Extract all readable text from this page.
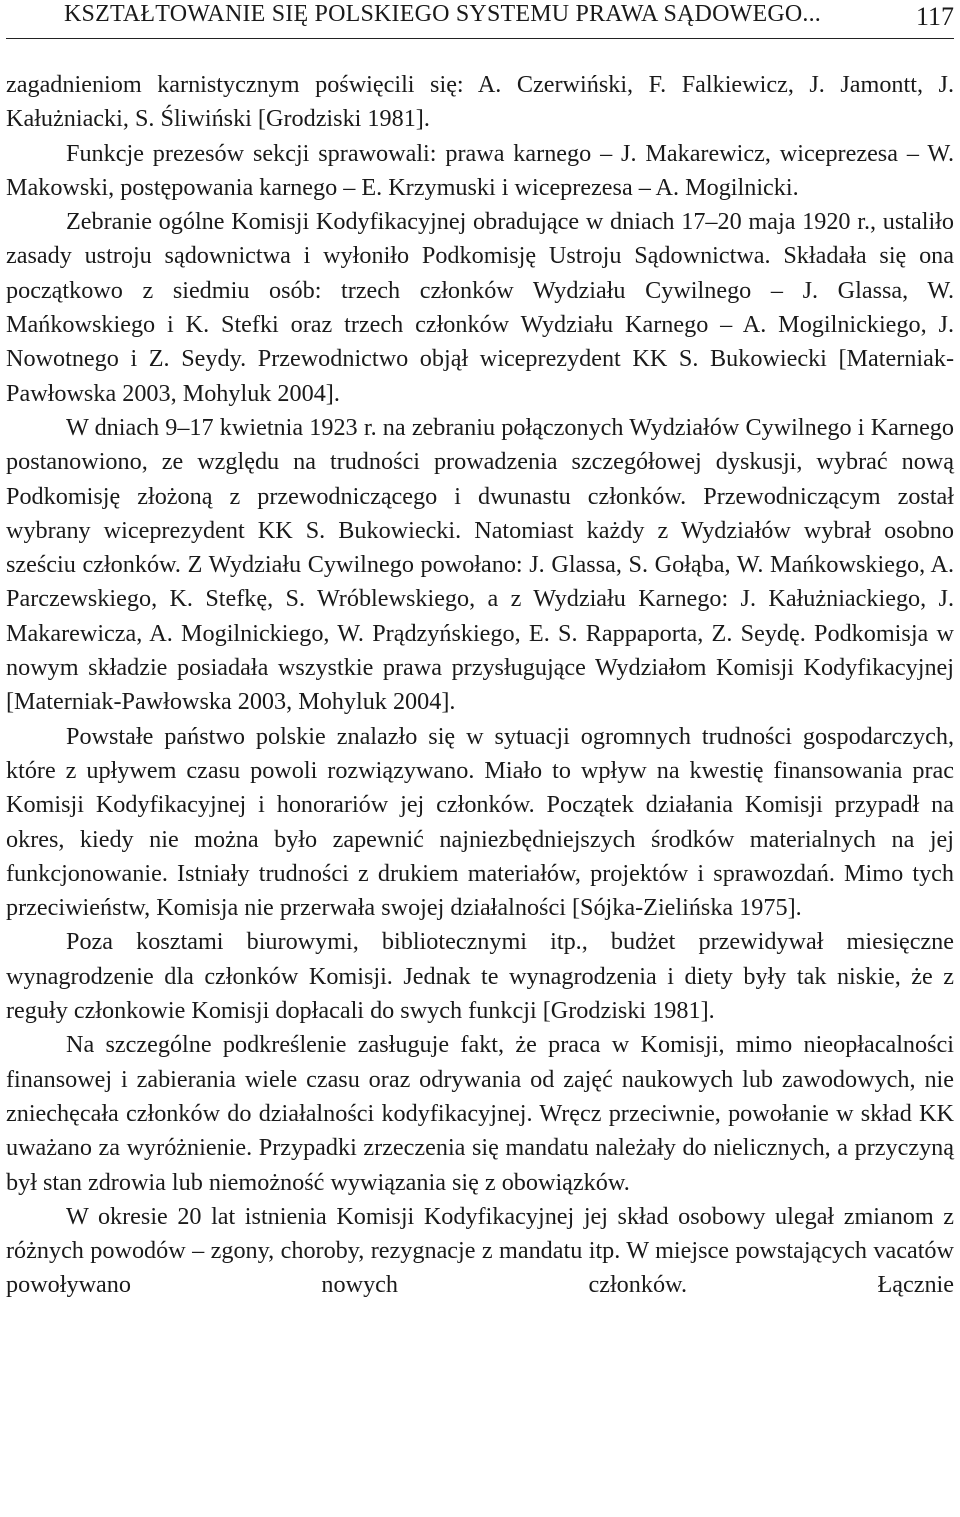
KSZTAŁTOWANIE SIĘ POLSKIEGO SYSTEMU PRAWA SĄDOWEGO...	117

zagadnieniom karnistycznym poświęcili się: A. Czerwiński, F. Falkiewicz, J. Jamontt, J. Kałużniacki, S. Śliwiński [Grodziski 1981].

Funkcje prezesów sekcji sprawowali: prawa karnego – J. Makarewicz, wiceprezesa – W. Makowski, postępowania karnego – E. Krzymuski i wiceprezesa – A. Mogilnicki.

Zebranie ogólne Komisji Kodyfikacyjnej obradujące w dniach 17–20 maja 1920 r., ustaliło zasady ustroju sądownictwa i wyłoniło Podkomisję Ustroju Sądownictwa. Składała się ona początkowo z siedmiu osób: trzech członków Wydziału Cywilnego – J. Glassa, W. Mańkowskiego i K. Stefki oraz trzech członków Wydziału Karnego – A. Mogilnickiego, J. Nowotnego i Z. Seydy. Przewodnictwo objął wiceprezydent KK S. Bukowiecki [Materniak-Pawłowska 2003, Mohyluk 2004].

W dniach 9–17 kwietnia 1923 r. na zebraniu połączonych Wydziałów Cywilnego i Karnego postanowiono, ze względu na trudności prowadzenia szczegółowej dyskusji, wybrać nową Podkomisję złożoną z przewodniczącego i dwunastu członków. Przewodniczącym został wybrany wiceprezydent KK S. Bukowiecki. Natomiast każdy z Wydziałów wybrał osobno sześciu członków. Z Wydziału Cywilnego powołano: J. Glassa, S. Gołąba, W. Mańkowskiego, A. Parczewskiego, K. Stefkę, S. Wróblewskiego, a z Wydziału Karnego: J. Kałużniackiego, J. Makarewicza, A. Mogilnickiego, W. Prądzyńskiego, E. S. Rappaporta, Z. Seydę. Podkomisja w nowym składzie posiadała wszystkie prawa przysługujące Wydziałom Komisji Kodyfikacyjnej [Materniak-Pawłowska 2003, Mohyluk 2004].

Powstałe państwo polskie znalazło się w sytuacji ogromnych trudności gospodarczych, które z upływem czasu powoli rozwiązywano. Miało to wpływ na kwestię finansowania prac Komisji Kodyfikacyjnej i honorariów jej członków. Początek działania Komisji przypadł na okres, kiedy nie można było zapewnić najniezbędniejszych środków materialnych na jej funkcjonowanie. Istniały trudności z drukiem materiałów, projektów i sprawozdań. Mimo tych przeciwieństw, Komisja nie przerwała swojej działalności [Sójka-Zielińska 1975].

Poza kosztami biurowymi, bibliotecznymi itp., budżet przewidywał miesięczne wynagrodzenie dla członków Komisji. Jednak te wynagrodzenia i diety były tak niskie, że z reguły członkowie Komisji dopłacali do swych funkcji [Grodziski 1981].

Na szczególne podkreślenie zasługuje fakt, że praca w Komisji, mimo nieopłacalności finansowej i zabierania wiele czasu oraz odrywania od zajęć naukowych lub zawodowych, nie zniechęcała członków do działalności kodyfikacyjnej. Wręcz przeciwnie, powołanie w skład KK uważano za wyróżnienie. Przypadki zrzeczenia się mandatu należały do nielicznych, a przyczyną był stan zdrowia lub niemożność wywiązania się z obowiązków.

W okresie 20 lat istnienia Komisji Kodyfikacyjnej jej skład osobowy ulegał zmianom z różnych powodów – zgony, choroby, rezygnacje z mandatu itp. W miejsce powstających vacatów powoływano nowych członków. Łącznie
